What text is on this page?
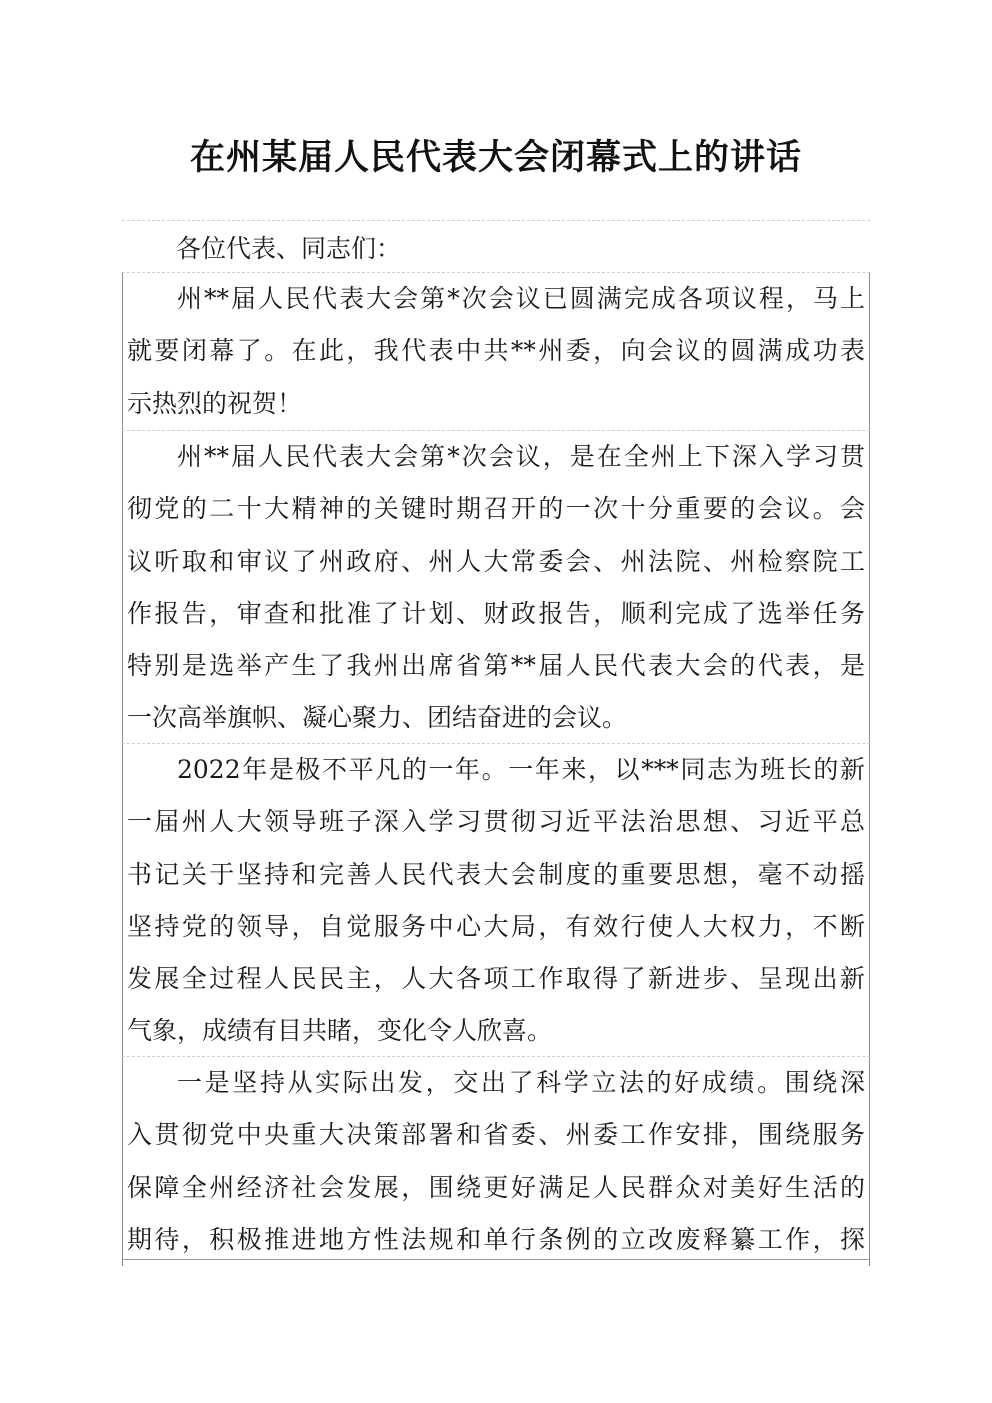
在州某届人民代表大会闭幕式上的讲话
各位代表、同志们：
州**届人民代表大会第*次会议已圆满完成各项议程，马上
就要闭幕了。在此，我代表中共**州委，向会议的圆满成功表
示热烈的祝贺！
州**届人民代表大会第*次会议，是在全州上下深入学习贯
彻党的二十大精神的关键时期召开的一次十分重要的会议。会
议听取和审议了州政府、州人大常委会、州法院、州检察院工
作报告，审查和批准了计划、财政报告，顺利完成了选举任务
特别是选举产生了我州出席省第**届人民代表大会的代表，是
一次高举旗帜、凝心聚力、团结奋进的会议。
2022年是极不平凡的一年。一年来，以***同志为班长的新
一届州人大领导班子深入学习贯彻习近平法治思想、习近平总
书记关于坚持和完善人民代表大会制度的重要思想，毫不动摇
坚持党的领导，自觉服务中心大局，有效行使人大权力，不断
发展全过程人民民主，人大各项工作取得了新进步、呈现出新
气象，成绩有目共睹，变化令人欣喜。
一是坚持从实际出发，交出了科学立法的好成绩。围绕深
入贯彻党中央重大决策部署和省委、州委工作安排，围绕服务
保障全州经济社会发展，围绕更好满足人民群众对美好生活的
期待，积极推进地方性法规和单行条例的立改废释纂工作，探
